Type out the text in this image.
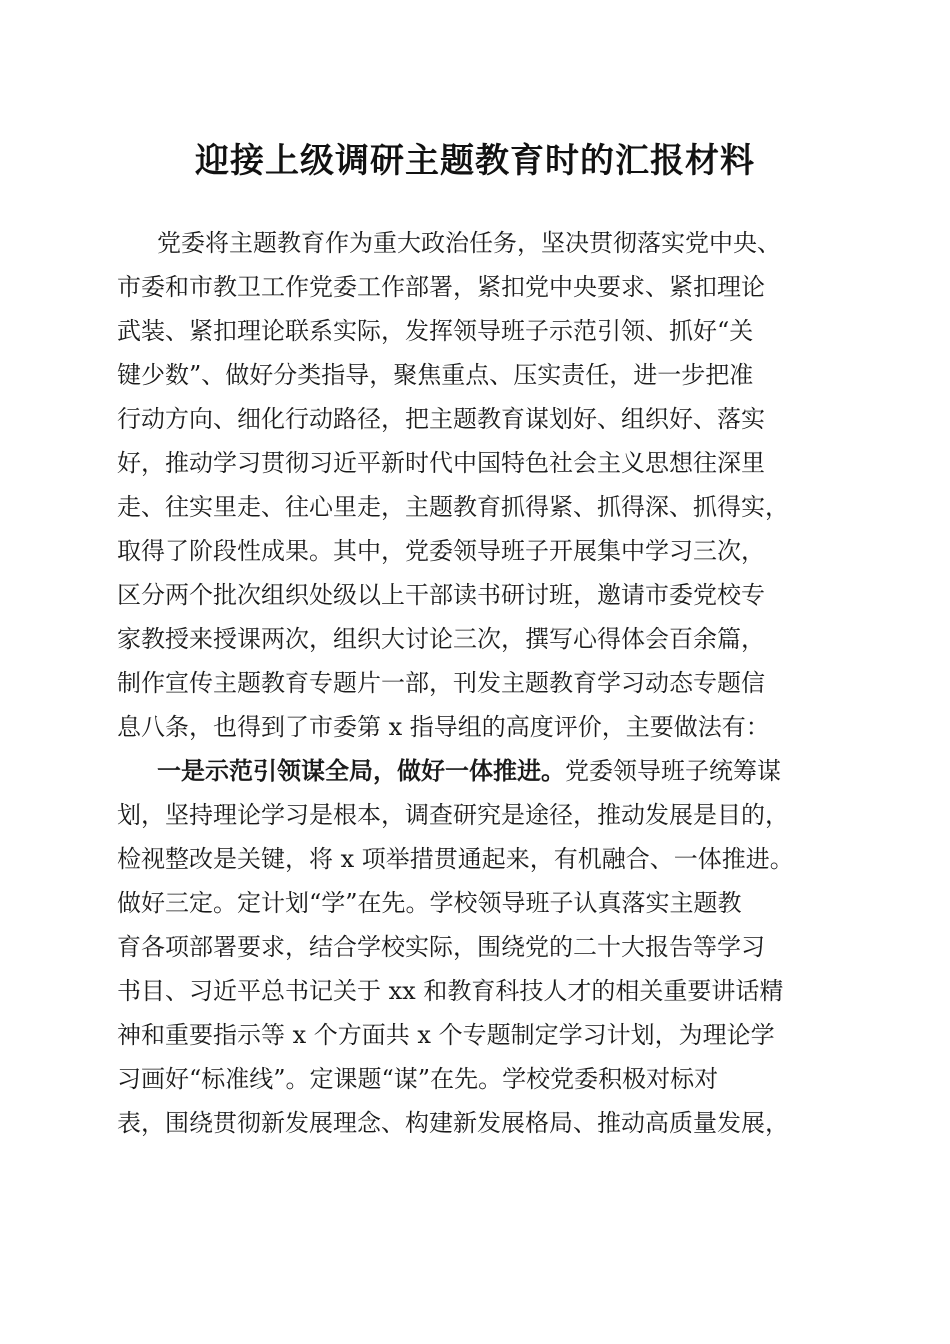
迎接上级调研主题教育时的汇报材料

党委将主题教育作为重大政治任务，坚决贯彻落实党中央、

市委和市教卫工作党委工作部署，紧扣党中央要求、紧扣理论

武装、紧扣理论联系实际，发挥领导班子示范引领、抓好“关

键少数”、做好分类指导，聚焦重点、压实责任，进一步把准

行动方向、细化行动路径，把主题教育谋划好、组织好、落实

好，推动学习贯彻习近平新时代中国特色社会主义思想往深里

走、往实里走、往心里走，主题教育抓得紧、抓得深、抓得实，

取得了阶段性成果。其中，党委领导班子开展集中学习三次，

区分两个批次组织处级以上干部读书研讨班，邀请市委党校专

家教授来授课两次，组织大讨论三次，撰写心得体会百余篇，

制作宣传主题教育专题片一部，刊发主题教育学习动态专题信

息八条，也得到了市委第 x 指导组的高度评价，主要做法有：

一是示范引领谋全局，做好一体推进。党委领导班子统筹谋

划，坚持理论学习是根本，调查研究是途径，推动发展是目的，

检视整改是关键，将 x 项举措贯通起来，有机融合、一体推进。

做好三定。定计划“学”在先。学校领导班子认真落实主题教

育各项部署要求，结合学校实际，围绕党的二十大报告等学习

书目、习近平总书记关于 xx 和教育科技人才的相关重要讲话精

神和重要指示等 x 个方面共 x 个专题制定学习计划，为理论学

习画好“标准线”。定课题“谋”在先。学校党委积极对标对

表，围绕贯彻新发展理念、构建新发展格局、推动高质量发展，
